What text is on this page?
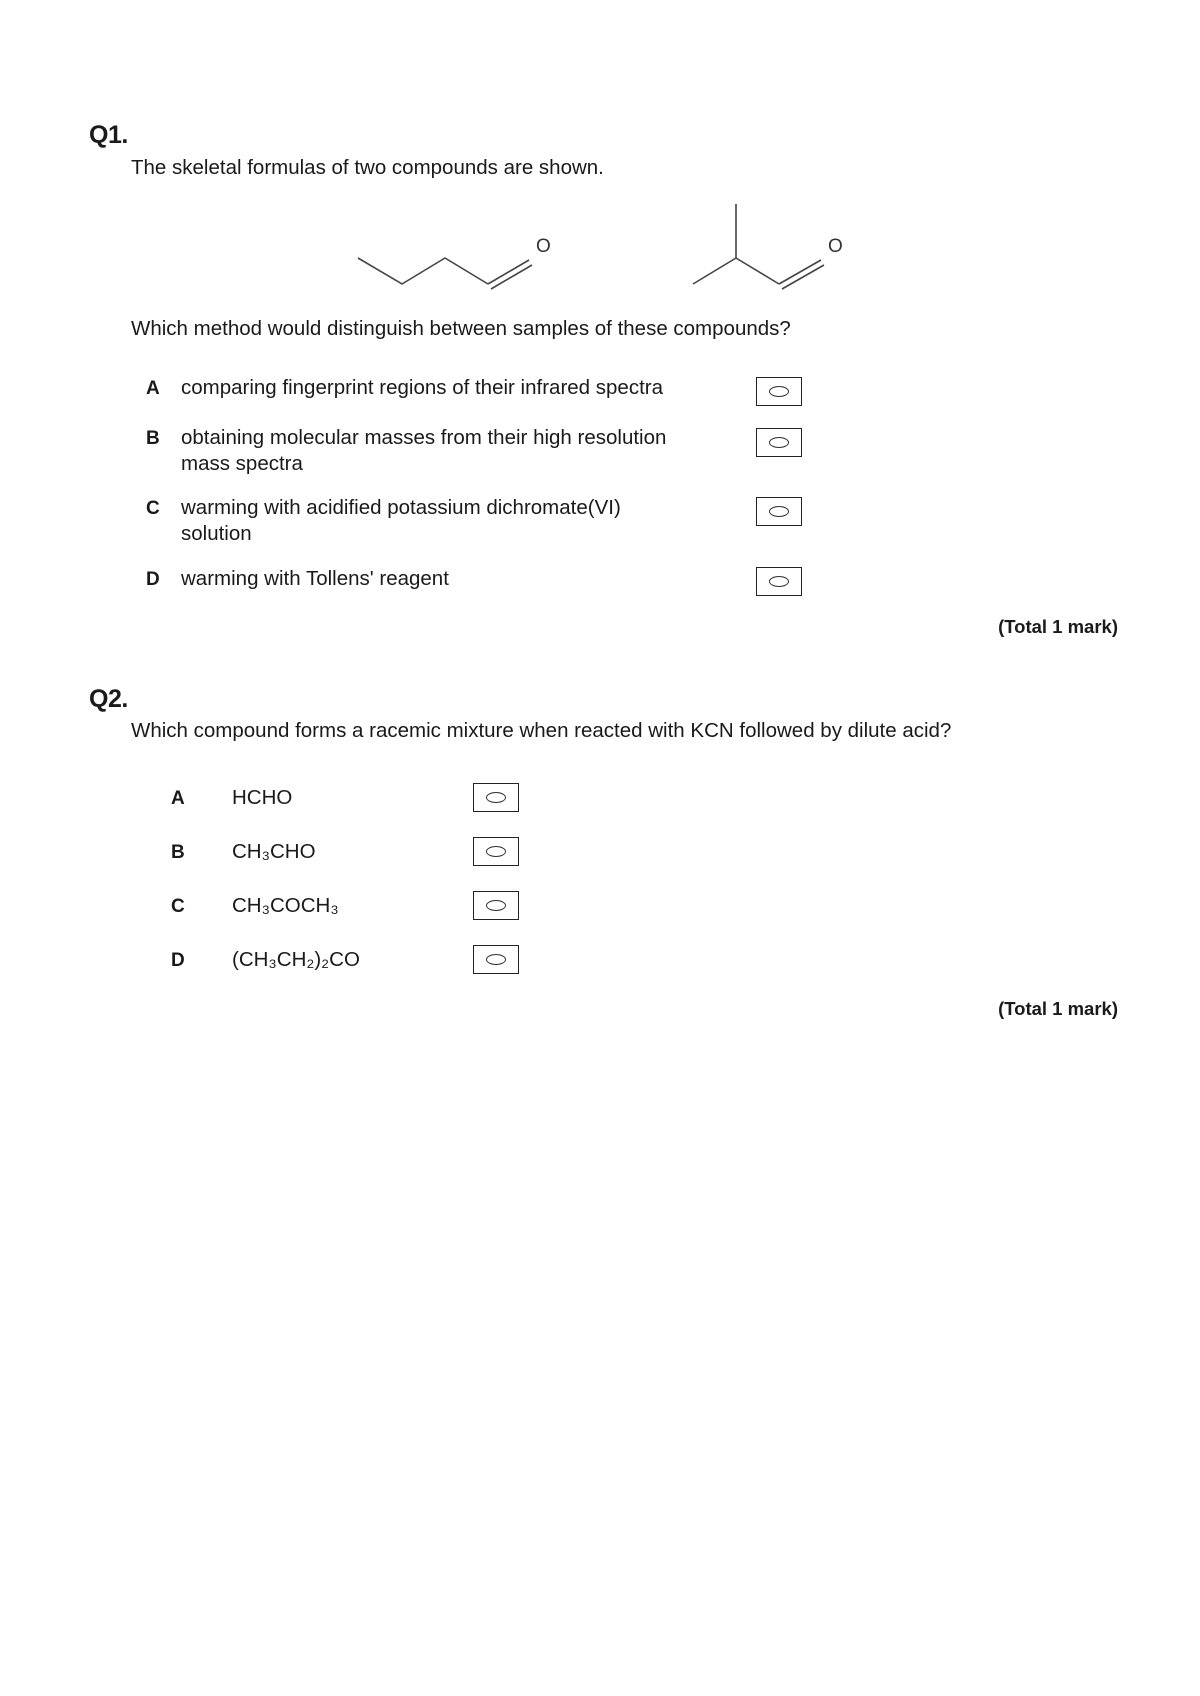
Q1.
The skeletal formulas of two compounds are shown.
O	O
Which method would distinguish between samples of these compounds?
A comparing fingerprint regions of their infrared spectra
B obtaining molecular masses from their high resolution mass spectra
C warming with acidified potassium dichromate(VI) solution
D warming with Tollens' reagent
(Total 1 mark)
Q2.
Which compound forms a racemic mixture when reacted with KCN followed by dilute acid?
A HCHO
B CH₃CHO
C CH₃COCH₃
D (CH₃CH₂)₂CO
(Total 1 mark)
